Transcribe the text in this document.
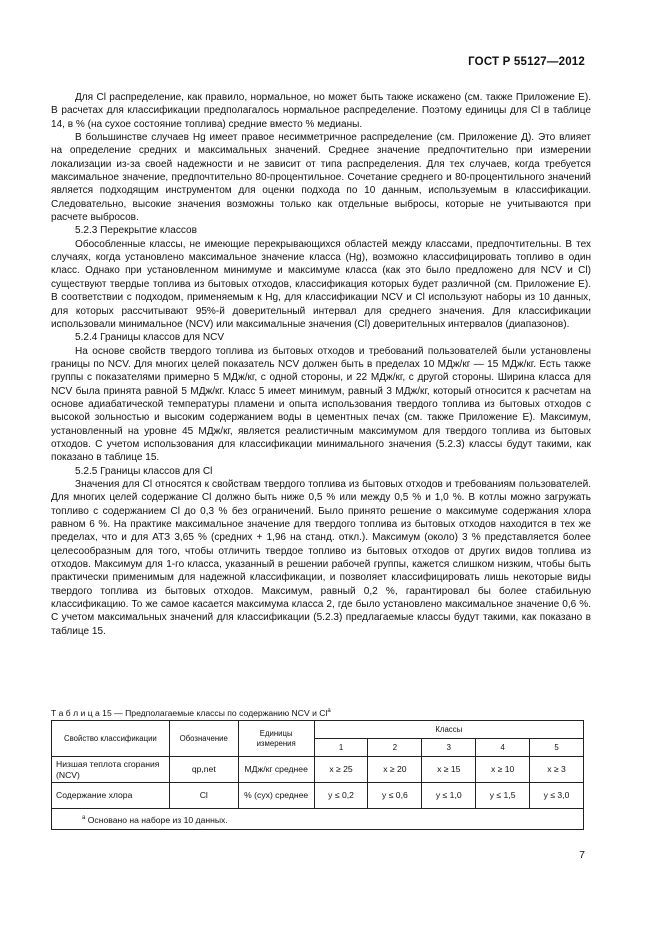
ГОСТ Р 55127—2012

Для Cl распределение, как правило, нормальное, но может быть также искажено (см. также Приложение E). В расчетах для классификации предполагалось нормальное распределение. Поэтому единицы для Cl в таблице 14, в % (на сухое состояние топлива) средние вместо % медианы.

В большинстве случаев Hg имеет правое несимметричное распределение (см. Приложение Д). Это влияет на определение средних и максимальных значений. Среднее значение предпочтительно при измерении локализации из-за своей надежности и не зависит от типа распределения. Для тех случаев, когда требуется максимальное значение, предпочтительно 80-процентильное. Сочетание среднего и 80-процентильного значений является подходящим инструментом для оценки подхода по 10 данным, используемым в классификации. Следовательно, высокие значения возможны только как отдельные выбросы, которые не учитываются при расчете выбросов.

5.2.3 Перекрытие классов

Обособленные классы, не имеющие перекрывающихся областей между классами, предпочтительны. В тех случаях, когда установлено максимальное значение класса (Hg), возможно классифицировать топливо в один класс. Однако при установленном минимуме и максимуме класса (как это было предложено для NCV и Cl) существуют твердые топлива из бытовых отходов, классификация которых будет различной (см. Приложение E). В соответствии с подходом, применяемым к Hg, для классификации NCV и Cl используют наборы из 10 данных, для которых рассчитывают 95%-й доверительный интервал для среднего значения. Для классификации использовали минимальное (NCV) или максимальные значения (Cl) доверительных интервалов (диапазонов).

5.2.4 Границы классов для NCV

На основе свойств твердого топлива из бытовых отходов и требований пользователей были установлены границы по NCV. Для многих целей показатель NCV должен быть в пределах 10 МДж/кг — 15 МДж/кг. Есть также группы с показателями примерно 5 МДж/кг, с одной стороны, и 22 МДж/кг, с другой стороны. Ширина класса для NCV была принята равной 5 МДж/кг. Класс 5 имеет минимум, равный 3 МДж/кг, который относится к расчетам на основе адиабатической температуры пламени и опыта использования твердого топлива из бытовых отходов с высокой зольностью и высоким содержанием воды в цементных печах (см. также Приложение E). Максимум, установленный на уровне 45 МДж/кг, является реалистичным максимумом для твердого топлива из бытовых отходов. С учетом использования для классификации минимального значения (5.2.3) классы будут такими, как показано в таблице 15.

5.2.5 Границы классов для Cl

Значения для Cl относятся к свойствам твердого топлива из бытовых отходов и требованиям пользователей. Для многих целей содержание Cl должно быть ниже 0,5 % или между 0,5 % и 1,0 %. В котлы можно загружать топливо с содержанием Cl до 0,3 % без ограничений. Было принято решение о максимуме содержания хлора равном 6 %. На практике максимальное значение для твердого топлива из бытовых отходов находится в тех же пределах, что и для АТЗ 3,65 % (средних + 1,96 на станд. откл.). Максимум (около) 3 % представляется более целесообразным для того, чтобы отличить твердое топливо из бытовых отходов от других видов топлива из отходов. Максимум для 1-го класса, указанный в решении рабочей группы, кажется слишком низким, чтобы быть практически применимым для надежной классификации, и позволяет классифицировать лишь некоторые виды твердого топлива из бытовых отходов. Максимум, равный 0,2 %, гарантировал бы более стабильную классификацию. То же самое касается максимума класса 2, где было установлено максимальное значение 0,6 %. С учетом максимальных значений для классификации (5.2.3) предлагаемые классы будут такими, как показано в таблице 15.

Т а б л и ц а 15 — Предполагаемые классы по содержанию NCV и Cl$^a$
Свойство классификации	Обозначение	Единицы измерения	Классы				
			1	2	3	4	5
Низшая теплота сгорания (NCV)	qp,net	МДж/кг среднее	x ≥ 25	x ≥ 20	x ≥ 15	x ≥ 10	x ≥ 3
Содержание хлора	Cl	% (сух) среднее	y ≤ 0,2	y ≤ 0,6	y ≤ 1,0	y ≤ 1,5	y ≤ 3,0
$^a$ Основано на наборе из 10 данных.							
7
